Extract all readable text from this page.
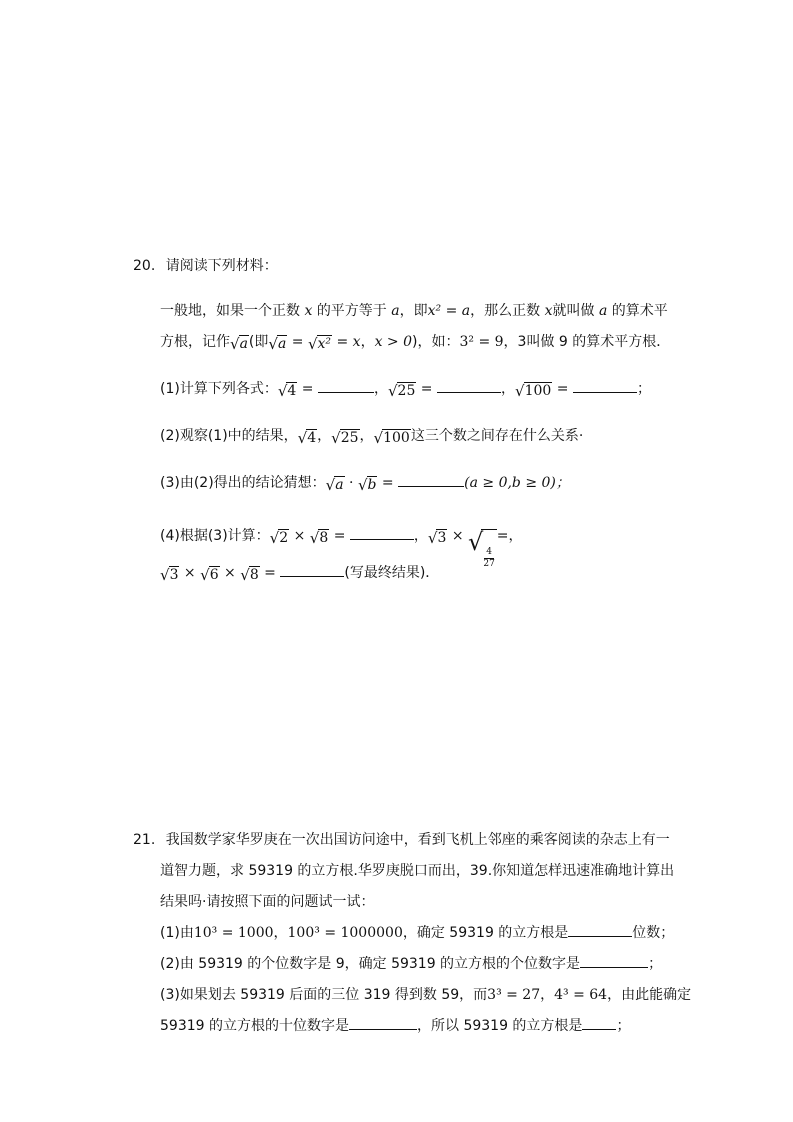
20. 请阅读下列材料：
一般地，如果一个正数 x 的平方等于 a，即x² = a，那么正数 x就叫做 a 的算术平
方根，记作 √ a (即 √ a = √ x² = x，x > 0)，如：3² = 9，3叫做 9 的算术平方根．
(1)计算下列各式： √ 4 =	， √ 25 =	， √ 100 =	；
(2)观察(1)中的结果， √ 4 ， √ 25 ， √ 100 这三个数之间存在什么关系·
(3)由(2)得出的结论猜想： √ a · √ b =	(a ≥ 0,b ≥ 0)；
(4)根据(3)计算： √ 2 × √ 8 =	， √ 3 × √
$\frac{4}{27}$
=，
√ 3 × √ 6 × √ 8 =	(写最终结果)．
21. 我国数学家华罗庚在一次出国访问途中，看到飞机上邻座的乘客阅读的杂志上有一
道智力题，求 59319 的立方根.华罗庚脱口而出，39.你知道怎样迅速准确地计算出
结果吗·请按照下面的问题试一试：
(1)由10³ = 1000，100³ = 1000000，确定 59319 的立方根是	位数；
(2)由 59319 的个位数字是 9，确定 59319 的立方根的个位数字是	；
(3)如果划去 59319 后面的三位 319 得到数 59，而3³ = 27，4³ = 64，由此能确定
59319 的立方根的十位数字是	，所以 59319 的立方根是 ；
